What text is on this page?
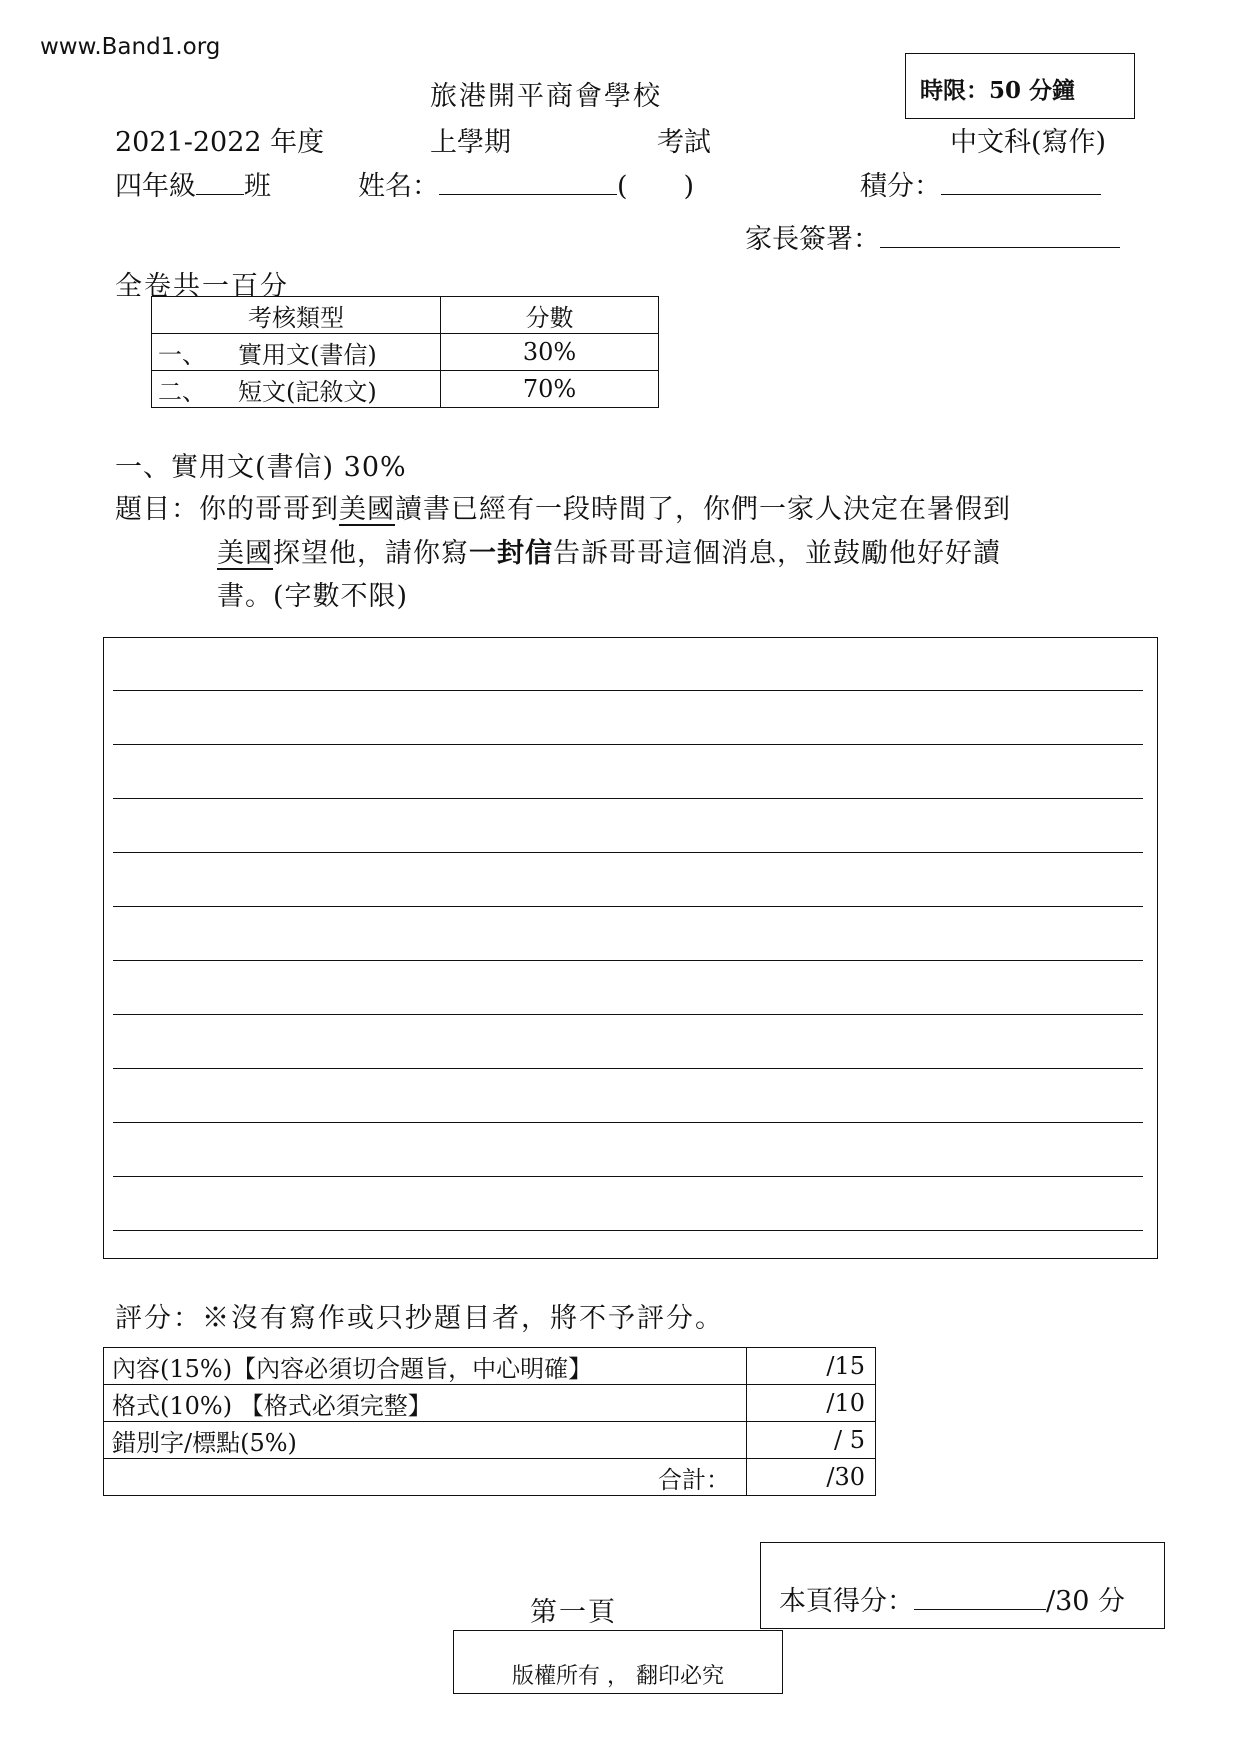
www.Band1.org
旅港開平商會學校	時限：50 分鐘
2021-2022 年度	上學期	考試	中文科(寫作)
四年級 班	姓名：	( )	積分：
家長簽署：
全卷共一百分
考核類型	分數
一、 實用文(書信)	30%
二、 短文(記敘文)	70%
一、實用文(書信) 30%
題目：你的哥哥到美國讀書已經有一段時間了，你們一家人決定在暑假到
美國探望他，請你寫一封信告訴哥哥這個消息，並鼓勵他好好讀
書。(字數不限)
評分：※沒有寫作或只抄題目者，將不予評分。
內容(15%)【內容必須切合題旨，中心明確】	/15
格式(10%) 【格式必須完整】	/10
錯別字/標點(5%)	/ 5
合計：	/30
第一頁	本頁得分：	/30 分
版權所有 ， 翻印必究
